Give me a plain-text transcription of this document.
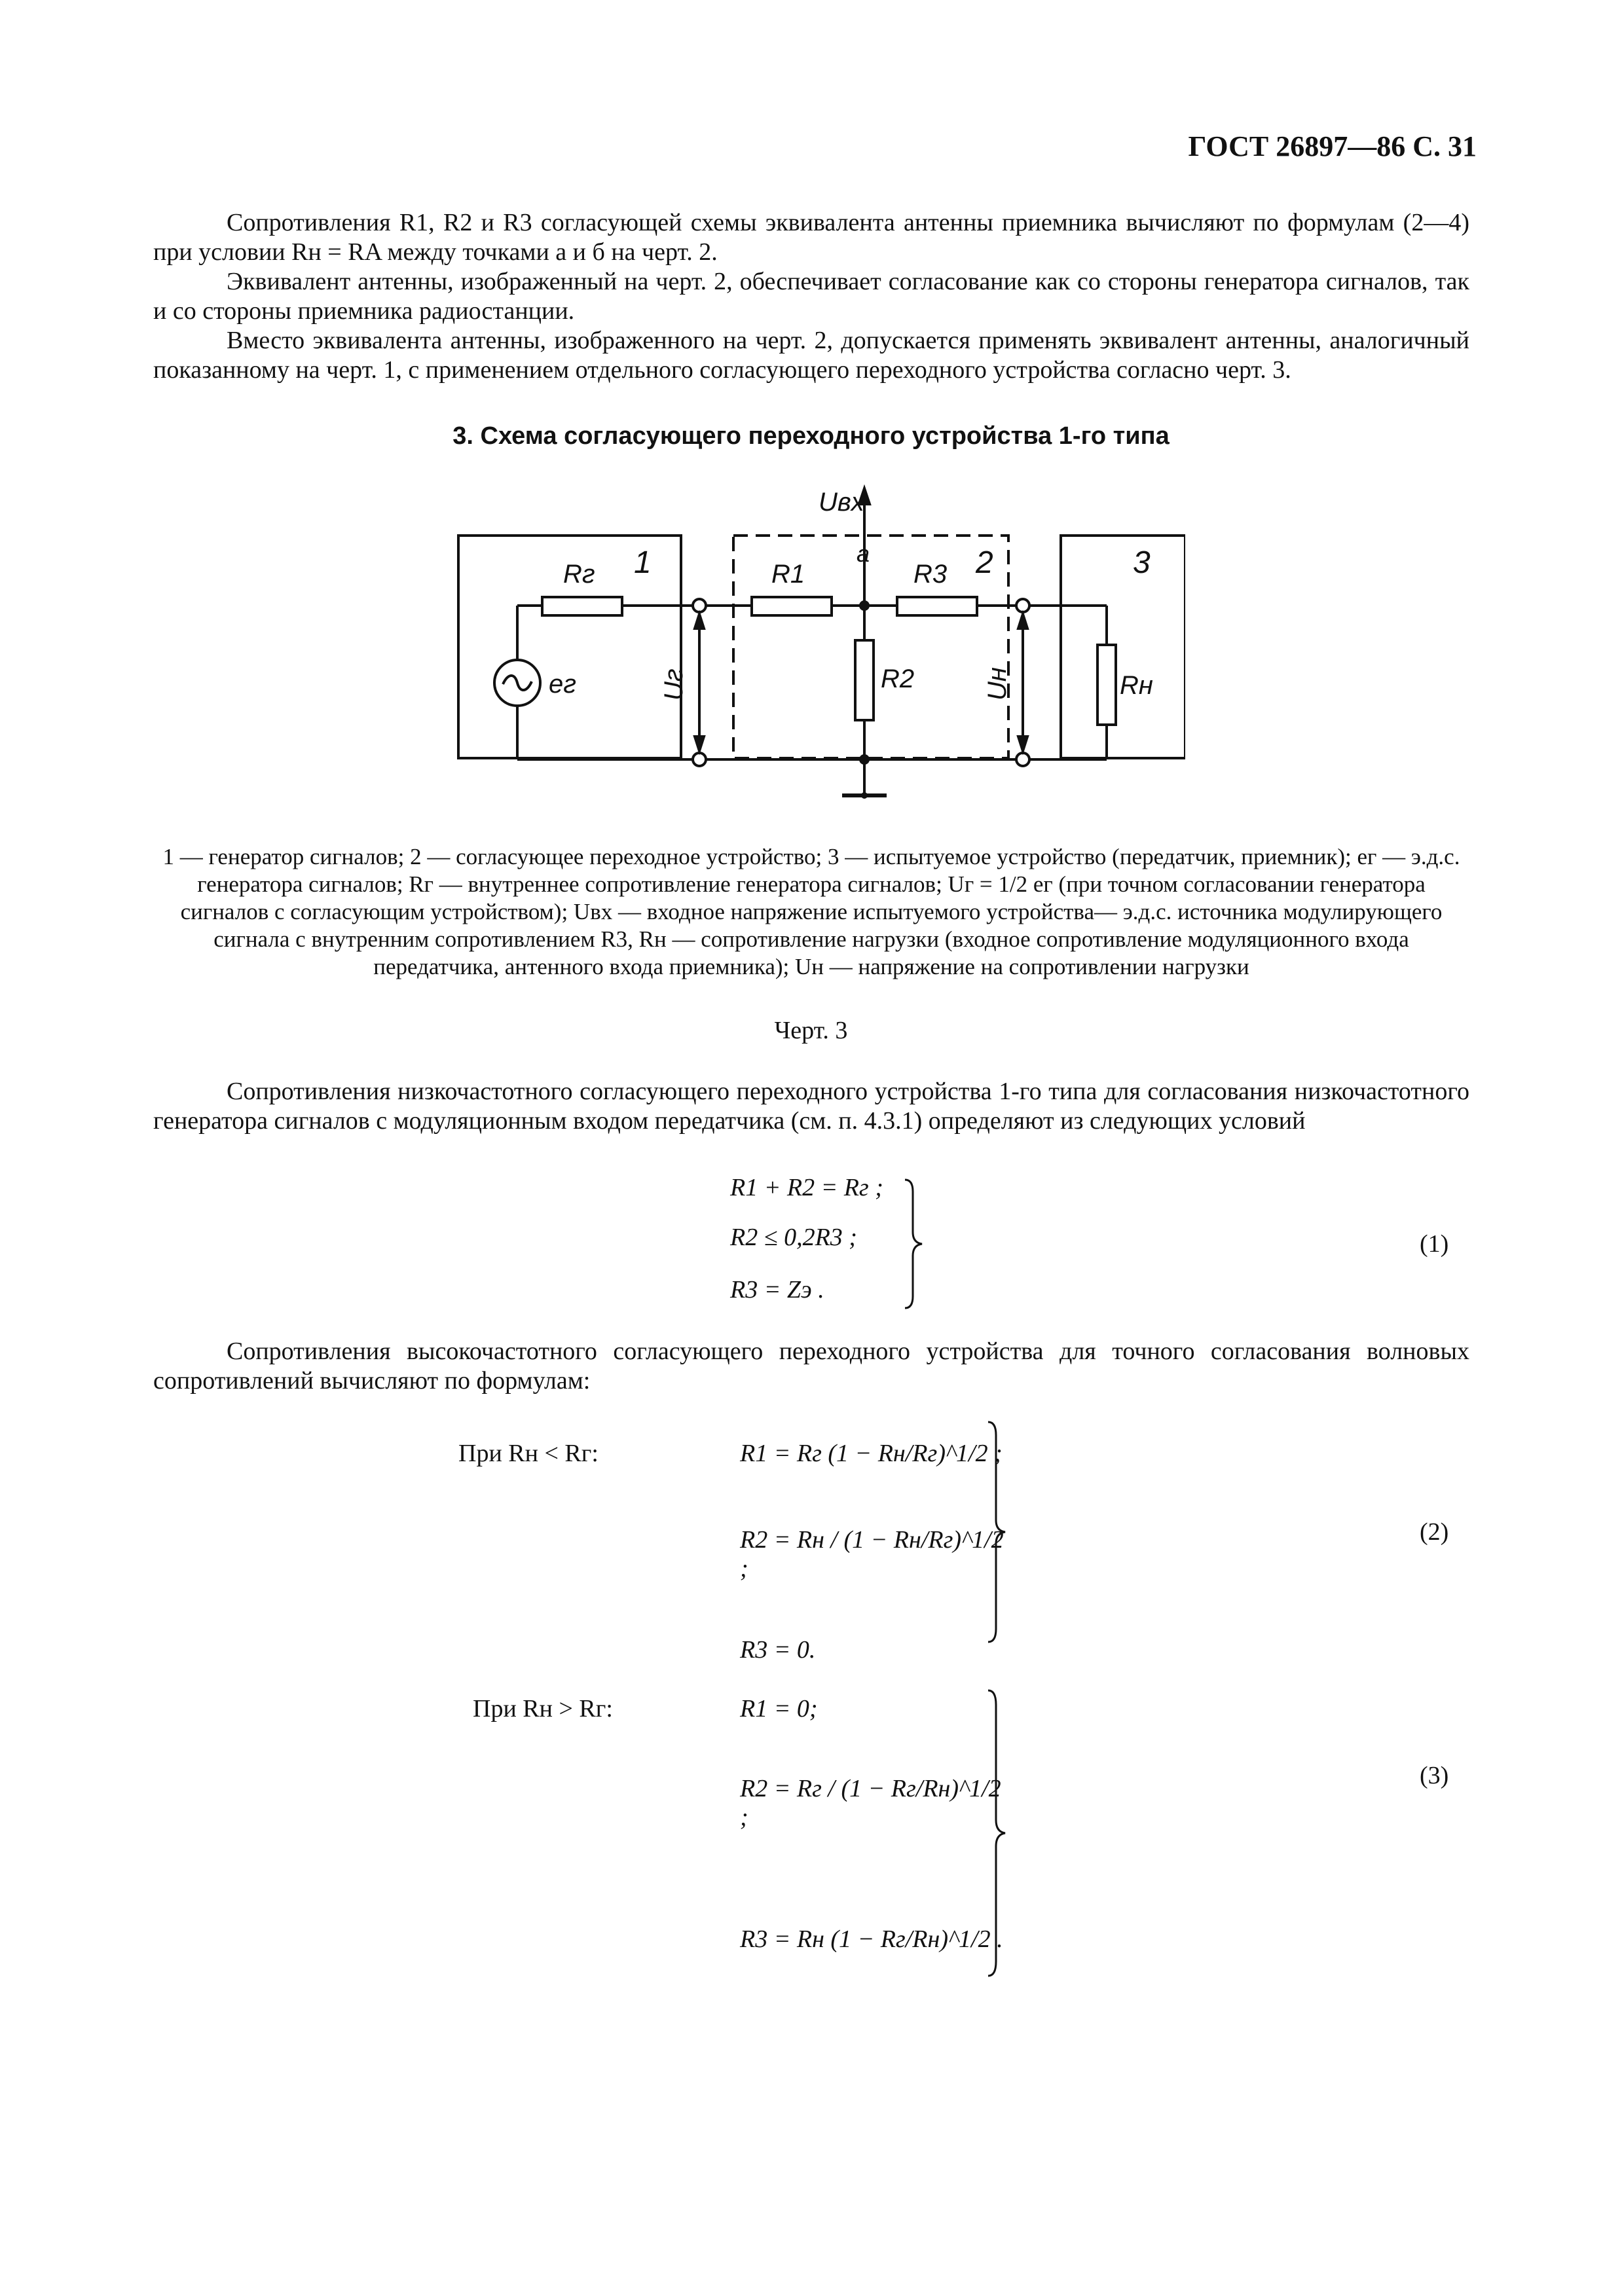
ГОСТ 26897—86 С. 31

Сопротивления R1, R2 и R3 согласующей схемы эквивалента антенны приемника вычисляют по формулам (2—4) при условии Rн = RA между точками а и б на черт. 2.

Эквивалент антенны, изображенный на черт. 2, обеспечивает согласование как со стороны генератора сигналов, так и со стороны приемника радиостанции.

Вместо эквивалента антенны, изображенного на черт. 2, допускается применять эквивалент антенны, аналогичный показанному на черт. 1, с применением отдельного согласующего переходного устройства согласно черт. 3.

3. Схема согласующего переходного устройства 1-го типа
Uвх
a
Rг 1
eг
R1	R3 2
R2	Rн
3
Uг	Uн
1 — генератор сигналов; 2 — согласующее переходное устройство; 3 — испытуемое устройство (передатчик, приемник); eг — э.д.с. генератора сигналов; Rг — внутреннее сопротивление генератора сигналов; Uг = 1/2 eг (при точном согласовании генератора сигналов с согласующим устройством); Uвх — входное напряжение испытуемого устройства— э.д.с. источника модулирующего сигнала с внутренним сопротивлением R3, Rн — сопротивление нагрузки (входное сопротивление модуляционного входа передатчика, антенного входа приемника); Uн — напряжение на сопротивлении нагрузки
Черт. 3
Сопротивления низкочастотного согласующего переходного устройства 1-го типа для согласования низкочастотного генератора сигналов с модуляционным входом передатчика (см. п. 4.3.1) определяют из следующих условий
R1 + R2 = Rг ;
R2 ≤ 0,2R3 ;
R3 = Zэ .
(1)
Сопротивления высокочастотного согласующего переходного устройства для точного согласования волновых сопротивлений вычисляют по формулам:
При Rн < Rг:	R1 = Rг (1 − Rн/Rг)^1/2 ;
R2 = Rн / (1 − Rн/Rг)^1/2 ;
R3 = 0.
(2)
При Rн > Rг:	R1 = 0;
R2 = Rг / (1 − Rг/Rн)^1/2 ;
R3 = Rн (1 − Rг/Rн)^1/2 .
(3)
